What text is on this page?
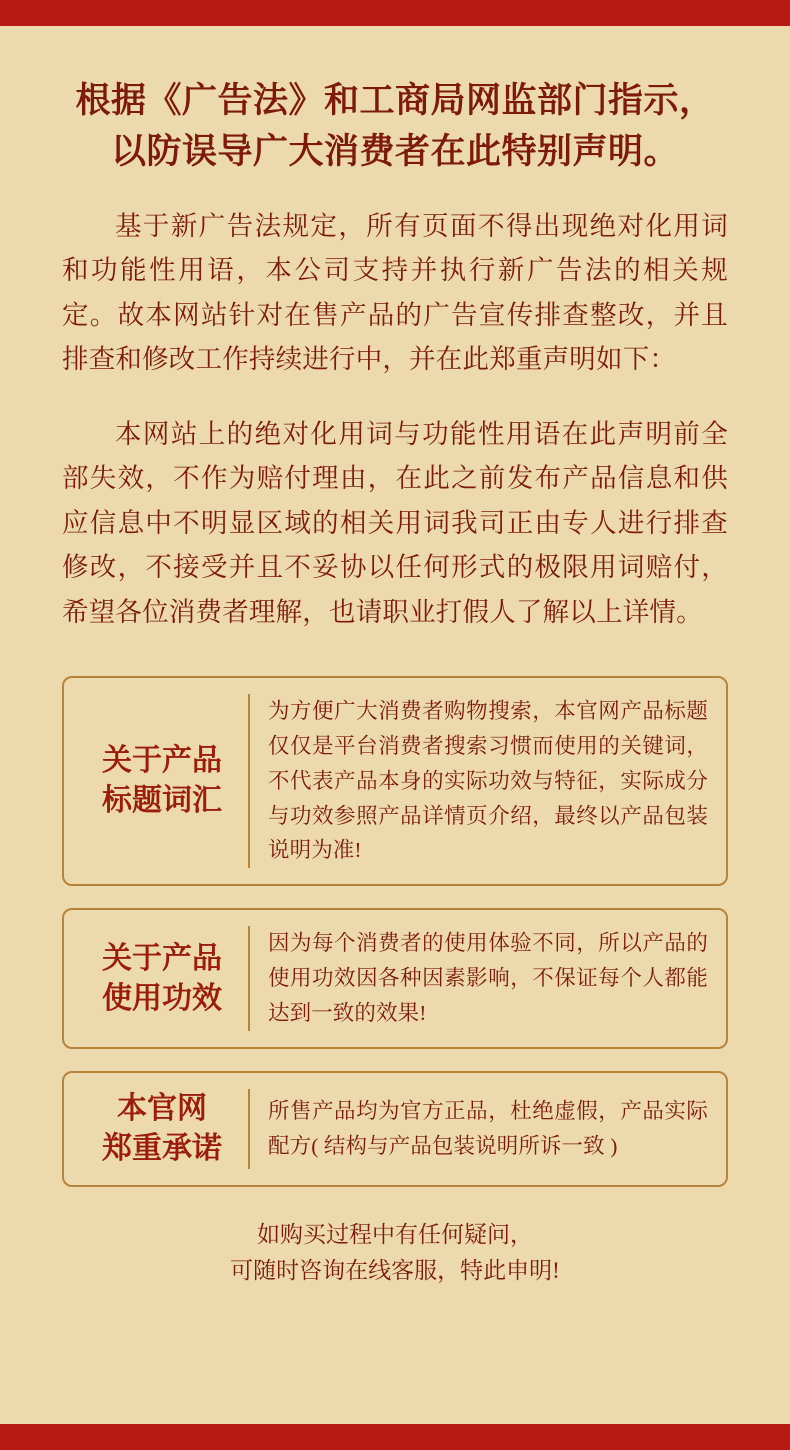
根据《广告法》和工商局网监部门指示，
以防误导广大消费者在此特别声明。
基于新广告法规定，所有页面不得出现绝对化用词和功能性用语，本公司支持并执行新广告法的相关规定。故本网站针对在售产品的广告宣传排查整改，并且排查和修改工作持续进行中，并在此郑重声明如下：
本网站上的绝对化用词与功能性用语在此声明前全部失效，不作为赔付理由，在此之前发布产品信息和供应信息中不明显区域的相关用词我司正由专人进行排查修改，不接受并且不妥协以任何形式的极限用词赔付，希望各位消费者理解，也请职业打假人了解以上详情。
关于产品
标题词汇
为方便广大消费者购物搜索，本官网产品标题仅仅是平台消费者搜索习惯而使用的关键词，不代表产品本身的实际功效与特征，实际成分与功效参照产品详情页介绍，最终以产品包装说明为准!
关于产品
使用功效
因为每个消费者的使用体验不同，所以产品的使用功效因各种因素影响，不保证每个人都能达到一致的效果!
本官网
郑重承诺
所售产品均为官方正品，杜绝虚假，产品实际配方( 结构与产品包装说明所诉一致 )
如购买过程中有任何疑问，
可随时咨询在线客服，特此申明!
